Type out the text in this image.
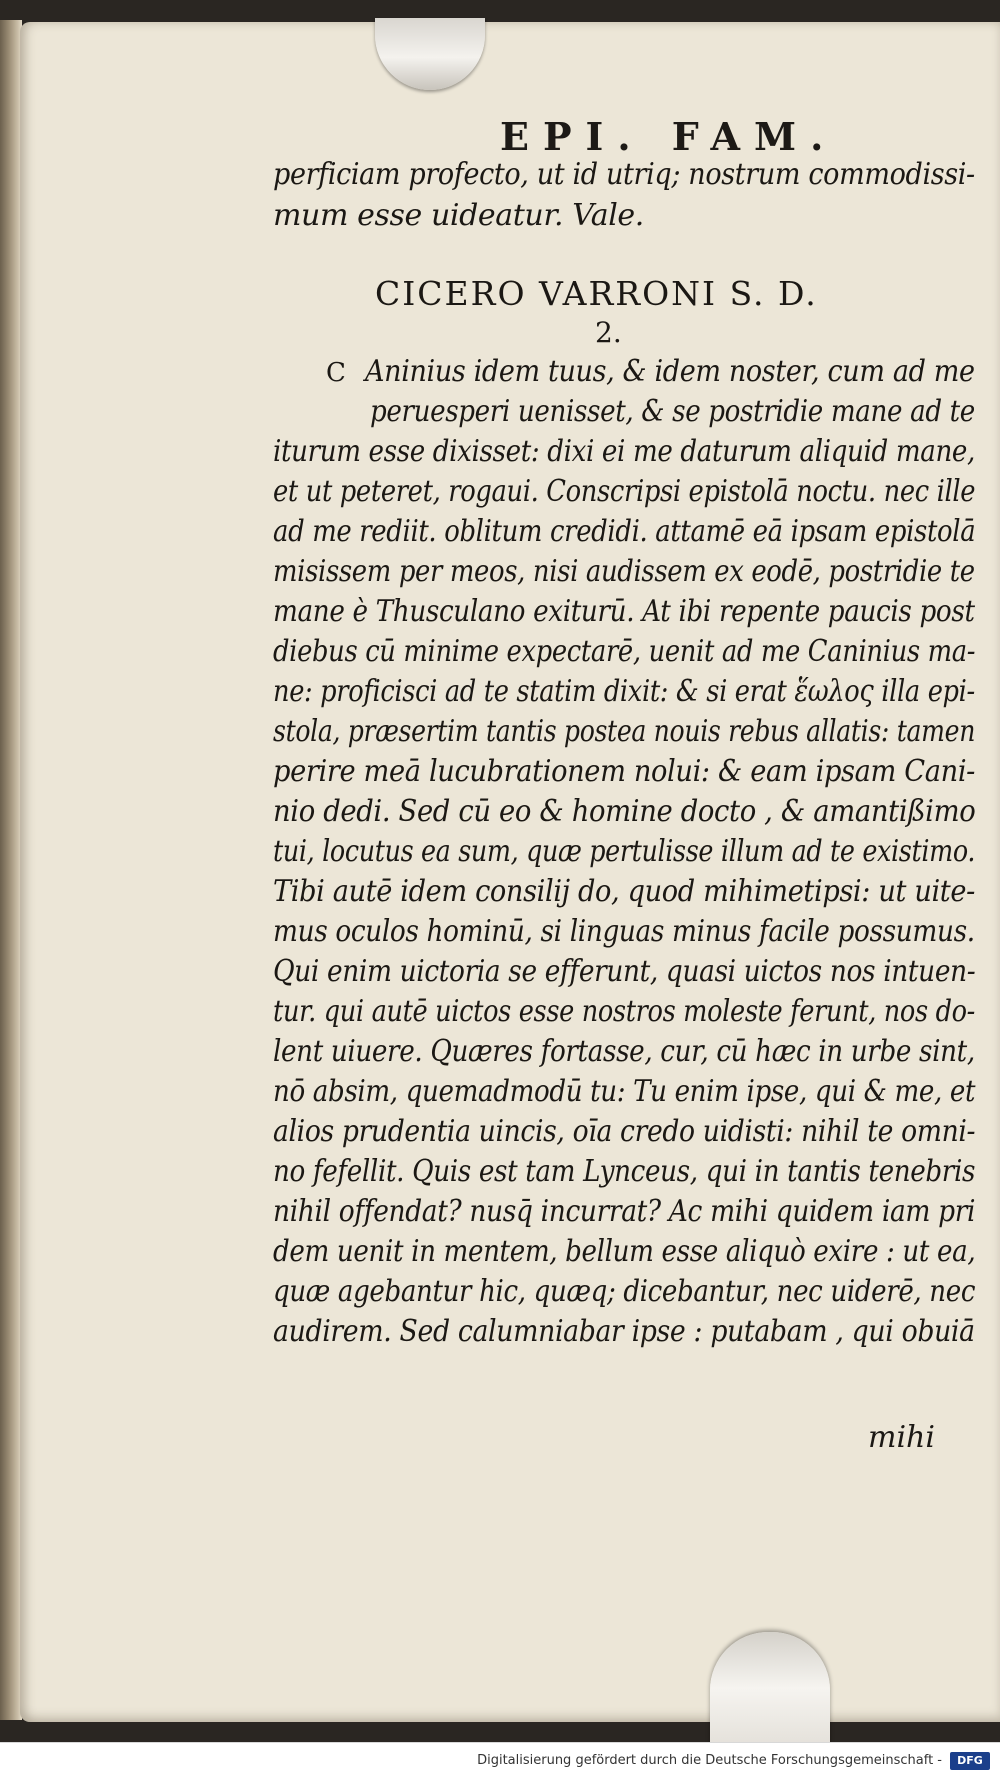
EPI. FAM.
perficiam profecto, ut id utriq; nostrum commodissi-
mum esse uideatur. Vale.
CICERO VARRONI S. D.
2.
C Aninius idem tuus, & idem noster, cum ad me
peruesperi uenisset, & se postridie mane ad te
iturum esse dixisset: dixi ei me daturum aliquid mane,
et ut peteret, rogaui. Conscripsi epistolā noctu. nec ille
ad me rediit. oblitum credidi. attamē eā ipsam epistolā
misissem per meos, nisi audissem ex eodē, postridie te
mane è Thusculano exiturū. At ibi repente paucis post
diebus cū minime expectarē, uenit ad me Caninius ma-
ne: proficisci ad te statim dixit: & si erat ἕωλος illa epi-
stola, præsertim tantis postea nouis rebus allatis: tamen
perire meā lucubrationem nolui: & eam ipsam Cani-
nio dedi. Sed cū eo & homine docto , & amantißimo
tui, locutus ea sum, quæ pertulisse illum ad te existimo.
Tibi autē idem consilij do, quod mihimetipsi: ut uite-
mus oculos hominū, si linguas minus facile possumus.
Qui enim uictoria se efferunt, quasi uictos nos intuen-
tur. qui autē uictos esse nostros moleste ferunt, nos do-
lent uiuere. Quæres fortasse, cur, cū hæc in urbe sint,
nō absim, quemadmodū tu: Tu enim ipse, qui & me, et
alios prudentia uincis, oīa credo uidisti: nihil te omni-
no fefellit. Quis est tam Lynceus, qui in tantis tenebris
nihil offendat? nusq̄ incurrat? Ac mihi quidem iam pri
dem uenit in mentem, bellum esse aliquò exire : ut ea,
quæ agebantur hic, quæq; dicebantur, nec uiderē, nec
audirem. Sed calumniabar ipse : putabam , qui obuiā
mihi
Digitalisierung gefördert durch die Deutsche Forschungsgemeinschaft -	DFG
